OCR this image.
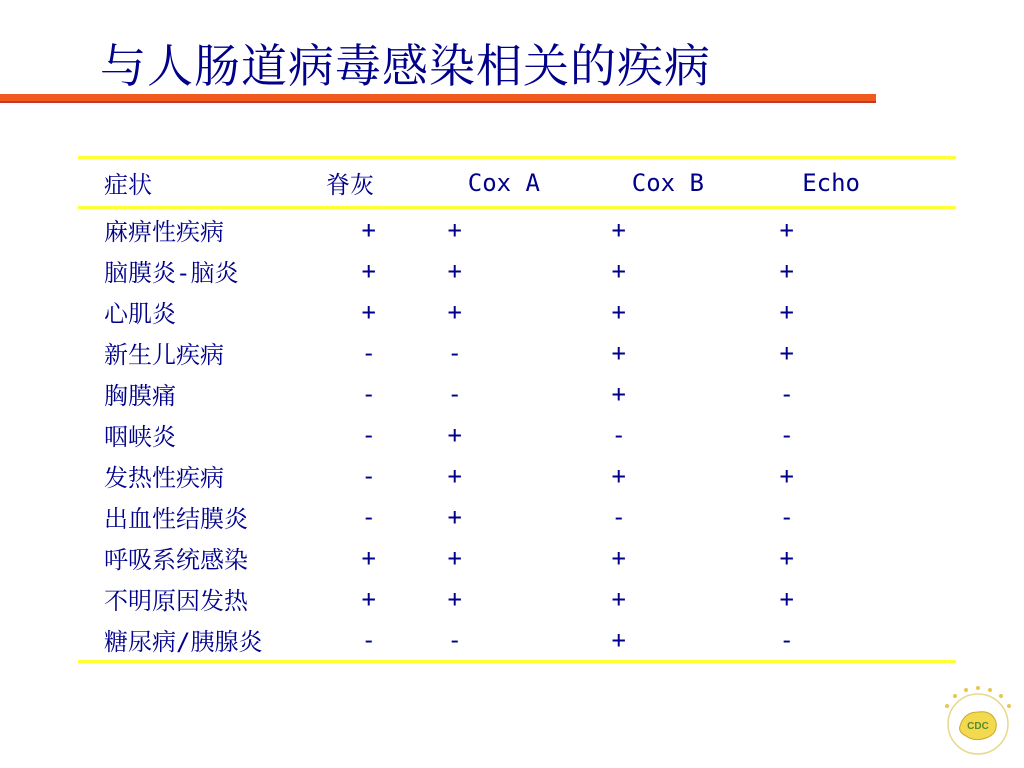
与人肠道病毒感染相关的疾病
症状	脊灰	Cox A	Cox B	Echo
麻痹性疾病	+	+	+	+
脑膜炎-脑炎	+	+	+	+
心肌炎	+	+	+	+
新生儿疾病	-	-	+	+
胸膜痛	-	-	+	-
咽峡炎	-	+	-	-
发热性疾病	-	+	+	+
出血性结膜炎	-	+	-	-
呼吸系统感染	+	+	+	+
不明原因发热	+	+	+	+
糖尿病/胰腺炎	-	-	+	-
CDC
